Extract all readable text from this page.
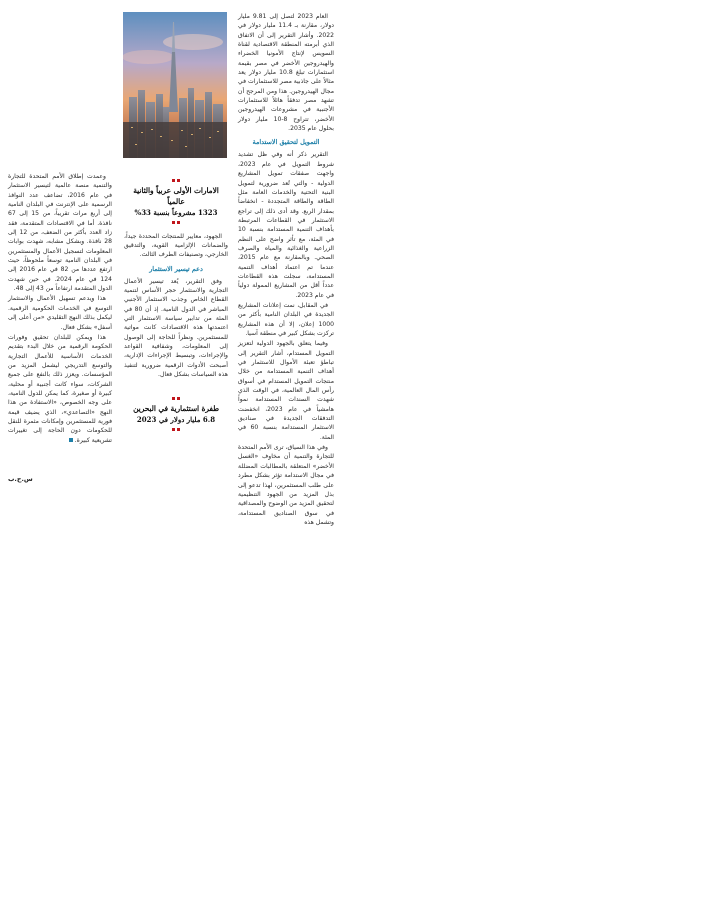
العام 2023 لتصل إلى 9.81 مليار دولار، مقارنة بـ 11.4 مليار دولار في 2022. وأشار التقرير إلى أن الاتفاق الذي أبرمته المنطقة الاقتصادية لقناة السويس لإنتاج الأمونيا الخضراء والهيدروجين الأخضر في مصر بقيمة استثمارات تبلغ 10.8 مليار دولار يعد مثالاً على جاذبية مصر للاستثمارات في مجال الهيدروجين. هذا ومن المرجح أن تشهد مصر تدفقاً هائلاً للاستثمارات الأجنبية في مشروعات الهيدروجين الأخضر، تتراوح 8-10 مليار دولار بحلول عام 2035.

التمويل لتحقيق الاستدامة

التقرير ذكر أنه وفي ظل تشديد شروط التمويل في عام 2023، واجهت صفقات تمويل المشاريع الدولية - والتي تُعد ضرورية لتمويل البنية التحتية والخدمات العامة مثل الطاقة والطاقة المتجددة - انخفاضاً بمقدار الربع. وقد أدى ذلك إلى تراجع الاستثمار في القطاعات المرتبطة بأهداف التنمية المستدامة بنسبة 10 في المئة، مع تأثر واضح على النظم الزراعية والغذائية والمياه والصرف الصحي. وبالمقارنة مع عام 2015، عندما تم اعتماد أهداف التنمية المستدامة، سجلت هذه القطاعات عدداً أقل من المشاريع الممولة دولياً في عام 2023.

في المقابل، نمت إعلانات المشاريع الجديدة في البلدان النامية بأكثر من 1000 إعلان، إلا أن هذه المشاريع تركزت بشكل كبير في منطقة آسيا.

وفيما يتعلق بالجهود الدولية لتعزيز التمويل المستدام، أشار التقرير إلى تباطؤ تعبئة الأموال للاستثمار في أهداف التنمية المستدامة من خلال منتجات التمويل المستدام في أسواق رأس المال العالمية، في الوقت الذي شهدت السندات المستدامة نمواً هامشياً في عام 2023، انخفضت التدفقات الجديدة في صناديق الاستثمار المستدامة بنسبة 60 في المئة.

وفي هذا السياق، ترى الأمم المتحدة للتجارة والتنمية أن مخاوف «الغسل الأخضر» المتعلقة بالمطالبات المضللة في مجال الاستدامة تؤثر بشكل مطرد على طلب المستثمرين، لهذا تدعو إلى بذل المزيد من الجهود التنظيمية لتحقيق المزيد من الوضوح والمصداقية في سوق الصناديق المستدامة، وتشمل هذه

الامارات الأولى عربياً والثانية عالمياً
1323 مشروعاً بنسبة 33%

الجهود، معايير للمنتجات المحددة جيداً، والضمانات الإلزامية القوية، والتدقيق الخارجي، وتصنيفات الطرف الثالث.

دعم تيسير الاستثمار

وفق التقرير، يُعد تيسير الأعمال التجارية والاستثمار حجر الأساس لتنمية القطاع الخاص وجذب الاستثمار الأجنبي المباشر في الدول النامية. إذ أن 80 في المئة من تدابير سياسة الاستثمار التي اعتمدتها هذه الاقتصادات كانت مواتية للمستثمرين. ونظراً للحاجة إلى الوصول إلى المعلومات، وشفافية القواعد والإجراءات، وتبسيط الإجراءات الإدارية، أصبحت الأدوات الرقمية ضرورية لتنفيذ هذه السياسات بشكل فعال.

طفرة استثمارية في البحرين
6.8 مليار دولار في 2023

وعمدت إطلاق الأمم المتحدة للتجارة والتنمية منصة عالمية لتيسير الاستثمار في عام 2016، تضاعف عدد النوافذ الرسمية على الإنترنت في البلدان النامية إلى أربع مرات تقريباً، من 15 إلى 67 نافذة. أما في الاقتصادات المتقدمة، فقد زاد العدد بأكثر من الضعف، من 12 إلى 28 نافذة. وبشكل مشابه، شهدت بوابات المعلومات لتسجيل الأعمال والمستثمرين في البلدان النامية توسعاً ملحوظاً، حيث ارتفع عددها من 82 في عام 2016 إلى 124 في عام 2024. في حين شهدت الدول المتقدمة ارتفاعاً من 43 إلى 48.

هذا ويدعم تسهيل الأعمال والاستثمار التوسع في الخدمات الحكومية الرقمية. ليكمل بذلك النهج التقليدي «من أعلى إلى أسفل» بشكل فعال.

هذا ويمكن للبلدان تحقيق وفورات الحكومة الرقمية من خلال البدء بتقديم الخدمات الأساسية للأعمال التجارية والتوسع التدريجي ليشمل المزيد من المؤسسات. ويعزز ذلك بالنفع على جميع الشركات، سواء كانت أجنبية أو محلية، كبيرة أو صغيرة، كما يمكن للدول النامية، على وجه الخصوص، «الاستفادة من هذا النهج «التصاعدي»، الذي يضيف قيمة فورية للمستثمرين وإمكانات مثمرة للنقل للحكومات دون الحاجة إلى تغييرات تشريعية كبيرة.

س.ح.ب
